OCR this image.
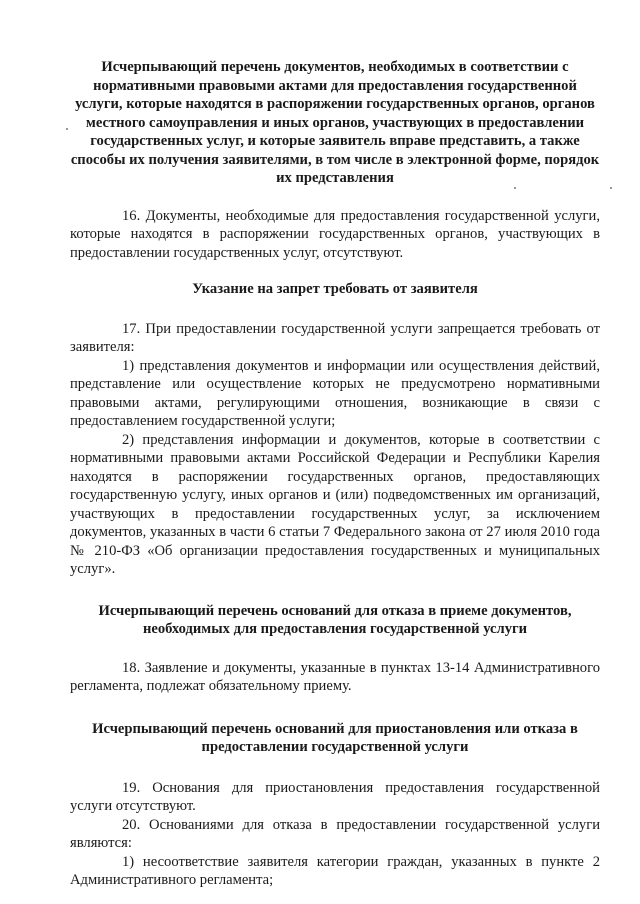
Исчерпывающий перечень документов, необходимых в соответствии с нормативными правовыми актами для предоставления государственной услуги, которые находятся в распоряжении государственных органов, органов местного самоуправления и иных органов, участвующих в предоставлении государственных услуг, и которые заявитель вправе представить, а также способы их получения заявителями, в том числе в электронной форме, порядок их представления

16. Документы, необходимые для предоставления государственной услуги, которые находятся в распоряжении государственных органов, участвующих в предоставлении государственных услуг, отсутствуют.

Указание на запрет требовать от заявителя

17. При предоставлении государственной услуги запрещается требовать от заявителя:

1) представления документов и информации или осуществления действий, представление или осуществление которых не предусмотрено нормативными правовыми актами, регулирующими отношения, возникающие в связи с предоставлением государственной услуги;

2) представления информации и документов, которые в соответствии с нормативными правовыми актами Российской Федерации и Республики Карелия находятся в распоряжении государственных органов, предоставляющих государственную услугу, иных органов и (или) подведомственных им организаций, участвующих в предоставлении государственных услуг, за исключением документов, указанных в части 6 статьи 7 Федерального закона от 27 июля 2010 года № 210-ФЗ «Об организации предоставления государственных и муниципальных услуг».

Исчерпывающий перечень оснований для отказа в приеме документов, необходимых для предоставления государственной услуги

18. Заявление и документы, указанные в пунктах 13-14 Административного регламента, подлежат обязательному приему.

Исчерпывающий перечень оснований для приостановления или отказа в предоставлении государственной услуги

19. Основания для приостановления предоставления государственной услуги отсутствуют.

20. Основаниями для отказа в предоставлении государственной услуги являются:

1) несоответствие заявителя категории граждан, указанных в пункте 2 Административного регламента;
